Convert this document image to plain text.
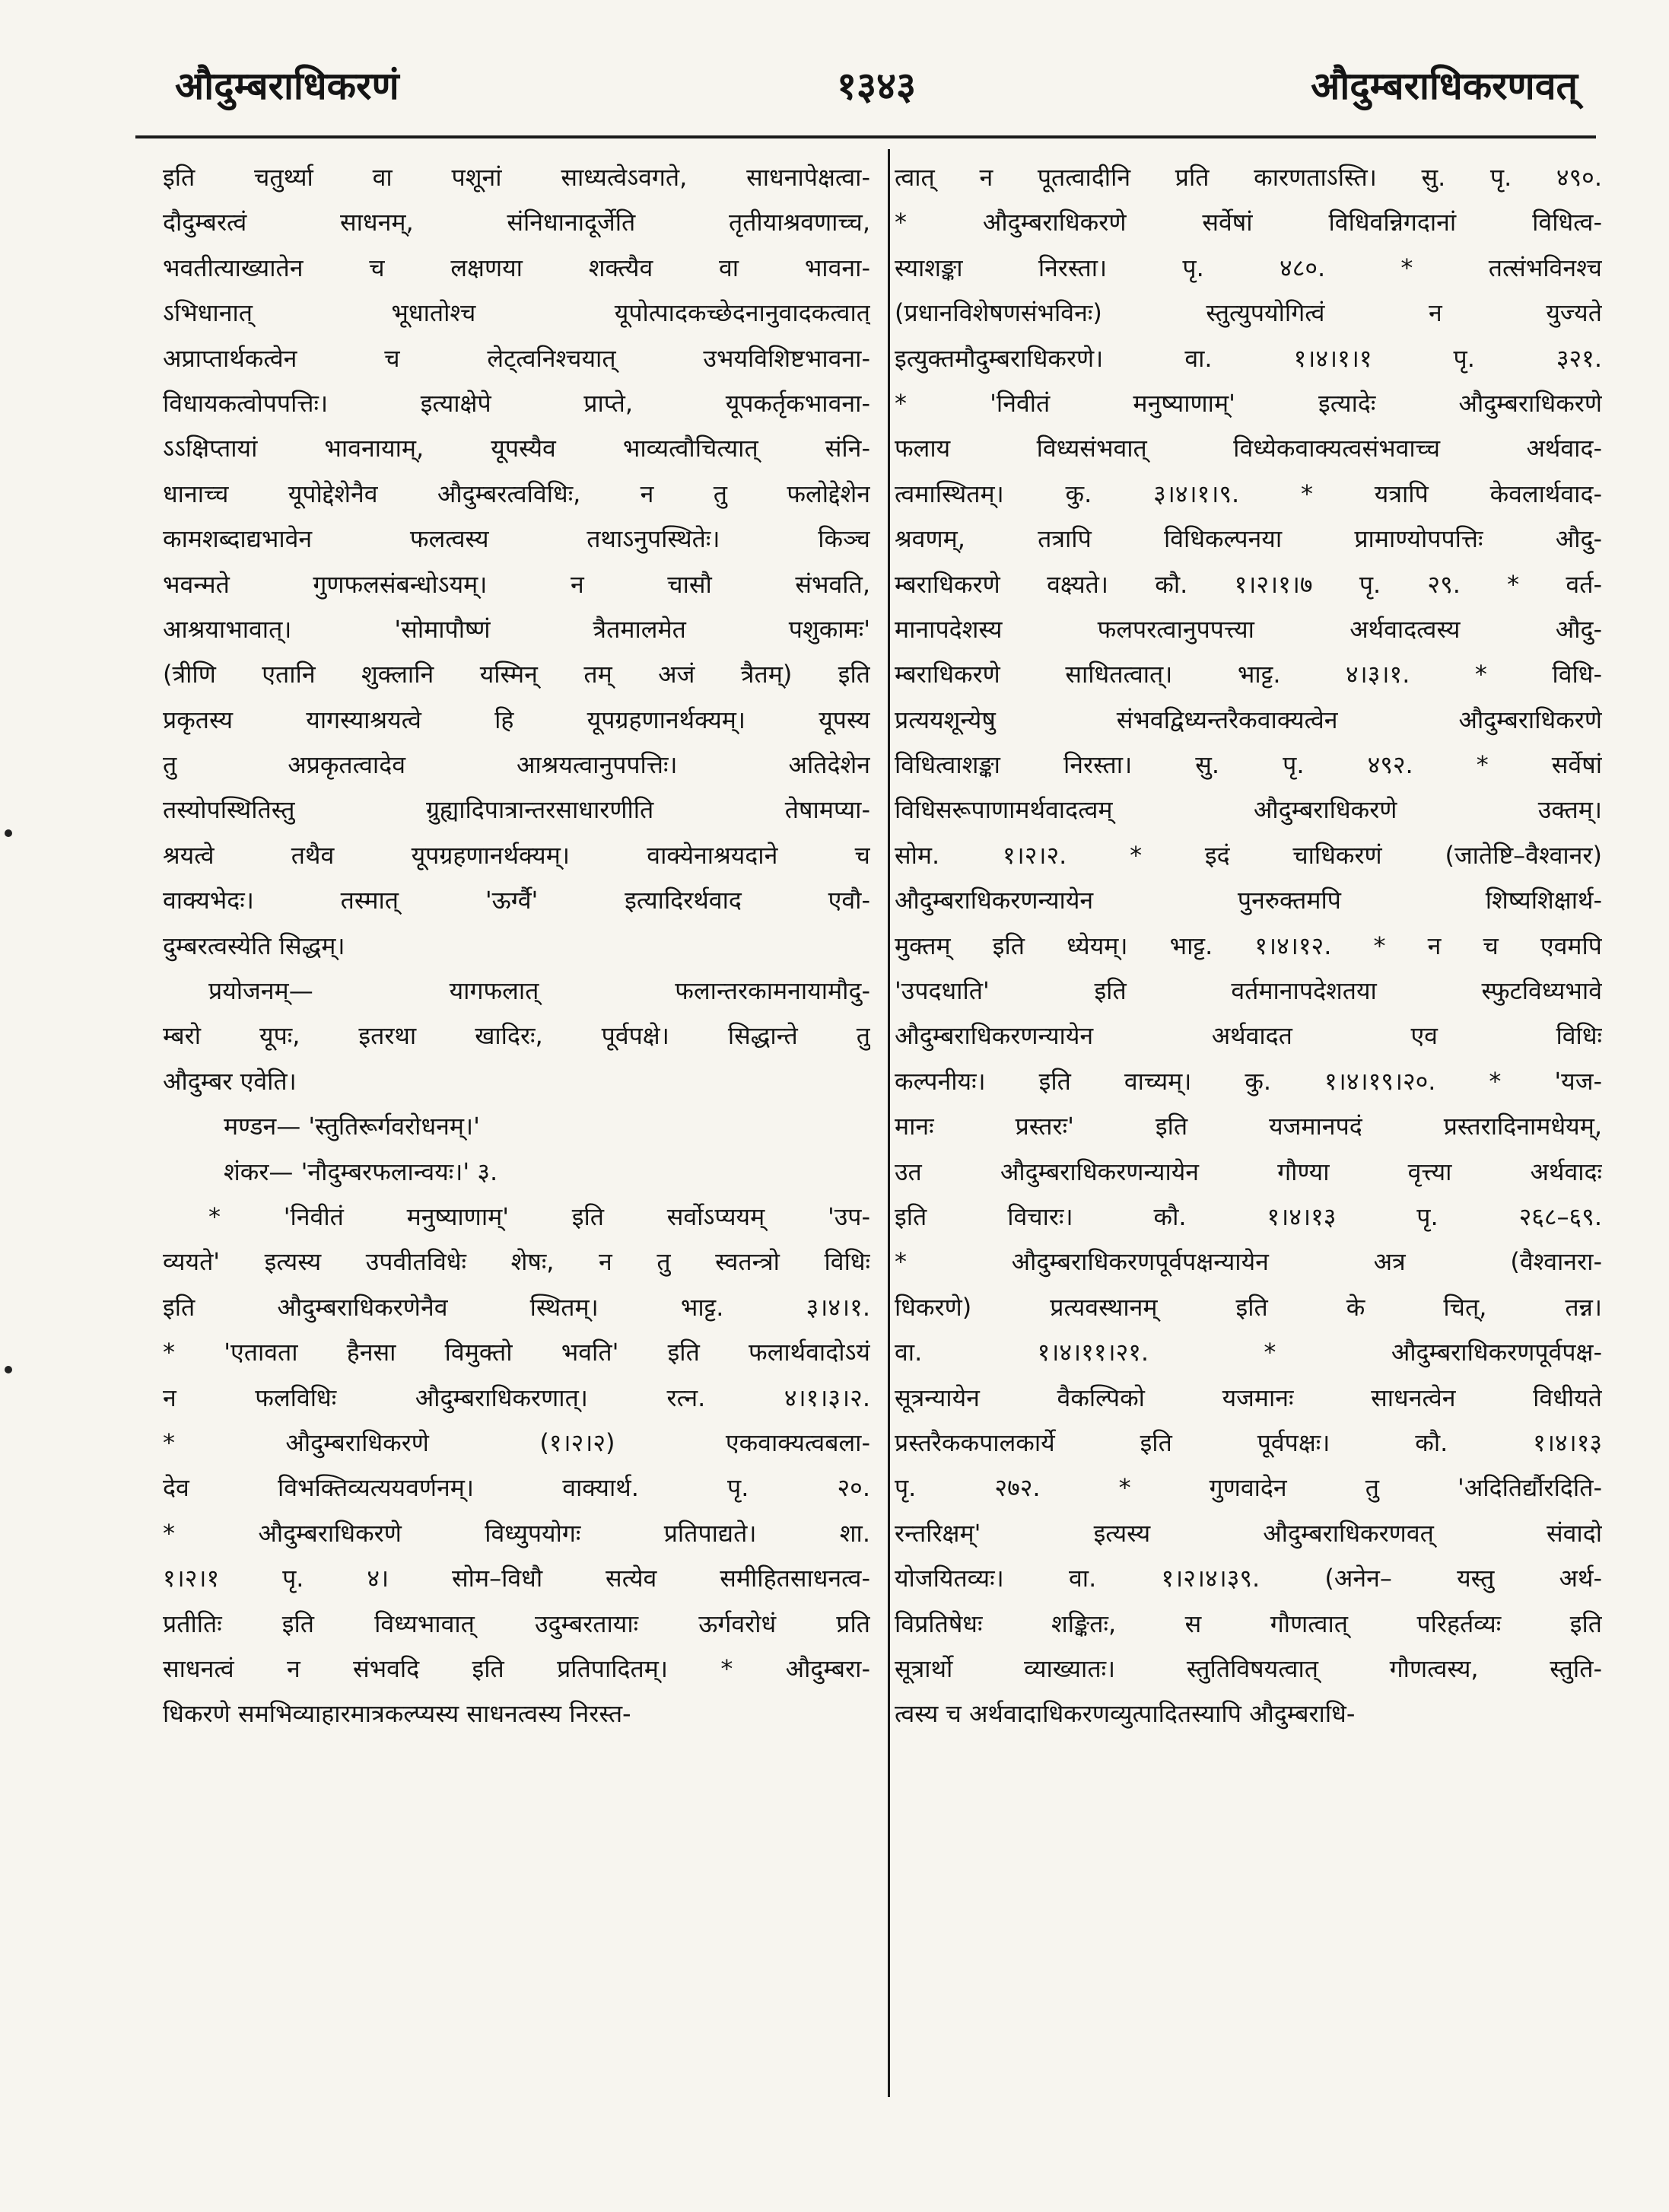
औदुम्बराधिकरणं	१३४३	औदुम्बराधिकरणवत्
इति चतुर्थ्या वा पशूनां साध्यत्वेऽवगते, साधनापेक्षत्वा-
दौदुम्बरत्वं साधनम्, संनिधानादूर्जेति तृतीयाश्रवणाच्च,
भवतीत्याख्यातेन च लक्षणया शक्त्यैव वा भावना-
ऽभिधानात् भूधातोश्च यूपोत्पादकच्छेदनानुवादकत्वात्
अप्राप्तार्थकत्वेन च लेट्त्वनिश्चयात् उभयविशिष्टभावना-
विधायकत्वोपपत्तिः। इत्याक्षेपे प्राप्ते, यूपकर्तृकभावना-
ऽऽक्षिप्तायां भावनायाम्, यूपस्यैव भाव्यत्वौचित्यात् संनि-
धानाच्च यूपोद्देशेनैव औदुम्बरत्वविधिः, न तु फलोद्देशेन
कामशब्दाद्यभावेन फलत्वस्य तथाऽनुपस्थितेः। किञ्च
भवन्मते गुणफलसंबन्धोऽयम्। न चासौ संभवति,
आश्रयाभावात्। 'सोमापौष्णं त्रैतमालमेत पशुकामः'
(त्रीणि एतानि शुक्लानि यस्मिन् तम् अजं त्रैतम्) इति
प्रकृतस्य यागस्याश्रयत्वे हि यूपग्रहणानर्थक्यम्। यूपस्य
तु अप्रकृतत्वादेव आश्रयत्वानुपपत्तिः। अतिदेशेन
तस्योपस्थितिस्तु ग्रुह्यादिपात्रान्तरसाधारणीति तेषामप्या-
श्रयत्वे तथैव यूपग्रहणानर्थक्यम्। वाक्येनाश्रयदाने च
वाक्यभेदः। तस्मात् 'ऊर्ग्वै' इत्यादिरर्थवाद एवौ-
दुम्बरत्वस्येति सिद्धम्।
प्रयोजनम्— यागफलात् फलान्तरकामनायामौदु-
म्बरो यूपः, इतरथा खादिरः, पूर्वपक्षे। सिद्धान्ते तु
औदुम्बर एवेति।
मण्डन— 'स्तुतिरूर्गवरोधनम्।'
शंकर— 'नौदुम्बरफलान्वयः।' ३.
* 'निवीतं मनुष्याणाम्' इति सर्वोऽप्ययम् 'उप-
व्ययते' इत्यस्य उपवीतविधेः शेषः, न तु स्वतन्त्रो विधिः
इति औदुम्बराधिकरणेनैव स्थितम्। भाट्ट. ३।४।१.
* 'एतावता हैनसा विमुक्तो भवति' इति फलार्थवादोऽयं
न फलविधिः औदुम्बराधिकरणात्। रत्न. ४।१।३।२.
* औदुम्बराधिकरणे (१।२।२) एकवाक्यत्वबला-
देव विभक्तिव्यत्ययवर्णनम्। वाक्यार्थ. पृ. २०.
* औदुम्बराधिकरणे विध्युपयोगः प्रतिपाद्यते। शा.
१।२।१ पृ. ४। सोम–विधौ सत्येव समीहितसाधनत्व-
प्रतीतिः इति विध्यभावात् उदुम्बरतायाः ऊर्गवरोधं प्रति
साधनत्वं न संभवदि इति प्रतिपादितम्। * औदुम्बरा-
धिकरणे समभिव्याहारमात्रकल्प्यस्य साधनत्वस्य निरस्त-
त्वात् न पूतत्वादीनि प्रति कारणताऽस्ति। सु. पृ. ४९०.
* औदुम्बराधिकरणे सर्वेषां विधिवन्निगदानां विधित्व-
स्याशङ्का निरस्ता। पृ. ४८०. * तत्संभविनश्च
(प्रधानविशेषणसंभविनः) स्तुत्युपयोगित्वं न युज्यते
इत्युक्तमौदुम्बराधिकरणे। वा. १।४।१।१ पृ. ३२१.
* 'निवीतं मनुष्याणाम्' इत्यादेः औदुम्बराधिकरणे
फलाय विध्यसंभवात् विध्येकवाक्यत्वसंभवाच्च अर्थवाद-
त्वमास्थितम्। कु. ३।४।१।९. * यत्रापि केवलार्थवाद-
श्रवणम्, तत्रापि विधिकल्पनया प्रामाण्योपपत्तिः औदु-
म्बराधिकरणे वक्ष्यते। कौ. १।२।१।७ पृ. २९. * वर्त-
मानापदेशस्य फलपरत्वानुपपत्त्या अर्थवादत्वस्य औदु-
म्बराधिकरणे साधितत्वात्। भाट्ट. ४।३।१. * विधि-
प्रत्ययशून्येषु संभवद्विध्यन्तरैकवाक्यत्वेन औदुम्बराधिकरणे
विधित्वाशङ्का निरस्ता। सु. पृ. ४९२. * सर्वेषां
विधिसरूपाणामर्थवादत्वम् औदुम्बराधिकरणे उक्तम्।
सोम. १।२।२. * इदं चाधिकरणं (जातेष्टि–वैश्वानर)
औदुम्बराधिकरणन्यायेन पुनरुक्तमपि शिष्यशिक्षार्थ-
मुक्तम् इति ध्येयम्। भाट्ट. १।४।१२. * न च एवमपि
'उपदधाति' इति वर्तमानापदेशतया स्फुटविध्यभावे
औदुम्बराधिकरणन्यायेन अर्थवादत एव विधिः
कल्पनीयः। इति वाच्यम्। कु. १।४।१९।२०. * 'यज-
मानः प्रस्तरः' इति यजमानपदं प्रस्तरादिनामधेयम्,
उत औदुम्बराधिकरणन्यायेन गौण्या वृत्त्या अर्थवादः
इति विचारः। कौ. १।४।१३ पृ. २६८–६९.
* औदुम्बराधिकरणपूर्वपक्षन्यायेन अत्र (वैश्वानरा-
धिकरणे) प्रत्यवस्थानम् इति के चित्, तन्न।
वा. १।४।११।२१. * औदुम्बराधिकरणपूर्वपक्ष-
सूत्रन्यायेन वैकल्पिको यजमानः साधनत्वेन विधीयते
प्रस्तरैककपालकार्ये इति पूर्वपक्षः। कौ. १।४।१३
पृ. २७२. * गुणवादेन तु 'अदितिर्द्यौरदिति-
रन्तरिक्षम्' इत्यस्य औदुम्बराधिकरणवत् संवादो
योजयितव्यः। वा. १।२।४।३९. (अनेन– यस्तु अर्थ-
विप्रतिषेधः शङ्कितः, स गौणत्वात् परिहर्तव्यः इति
सूत्रार्थो व्याख्यातः। स्तुतिविषयत्वात् गौणत्वस्य, स्तुति-
त्वस्य च अर्थवादाधिकरणव्युत्पादितस्यापि औदुम्बराधि-
